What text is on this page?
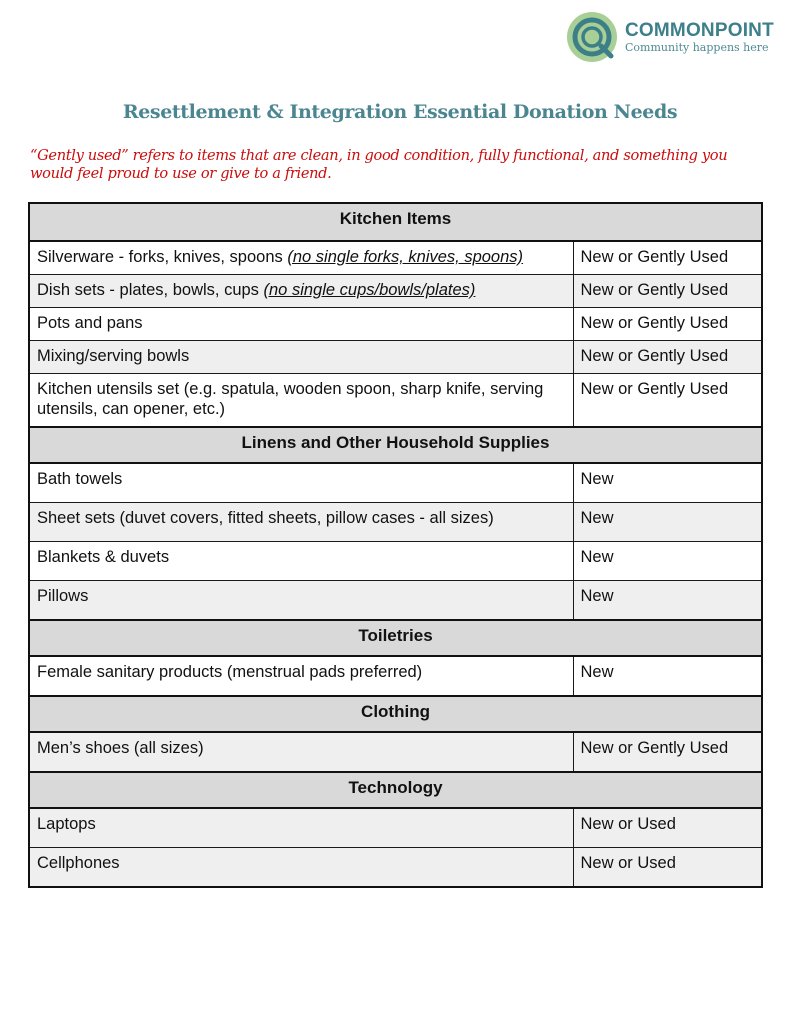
COMMONPOINT
Community happens here
Resettlement & Integration Essential Donation Needs
“Gently used” refers to items that are clean, in good condition, fully functional, and something you would feel proud to use or give to a friend.
Kitchen Items	
Silverware - forks, knives, spoons (no single forks, knives, spoons)	New or Gently Used
Dish sets - plates, bowls, cups (no single cups/bowls/plates)	New or Gently Used
Pots and pans	New or Gently Used
Mixing/serving bowls	New or Gently Used
Kitchen utensils set (e.g. spatula, wooden spoon, sharp knife, serving utensils, can opener, etc.)	New or Gently Used
Linens and Other Household Supplies	
Bath towels	New
Sheet sets (duvet covers, fitted sheets, pillow cases - all sizes)	New
Blankets & duvets	New
Pillows	New
Toiletries	
Female sanitary products (menstrual pads preferred)	New
Clothing	
Men’s shoes (all sizes)	New or Gently Used
Technology	
Laptops	New or Used
Cellphones	New or Used
